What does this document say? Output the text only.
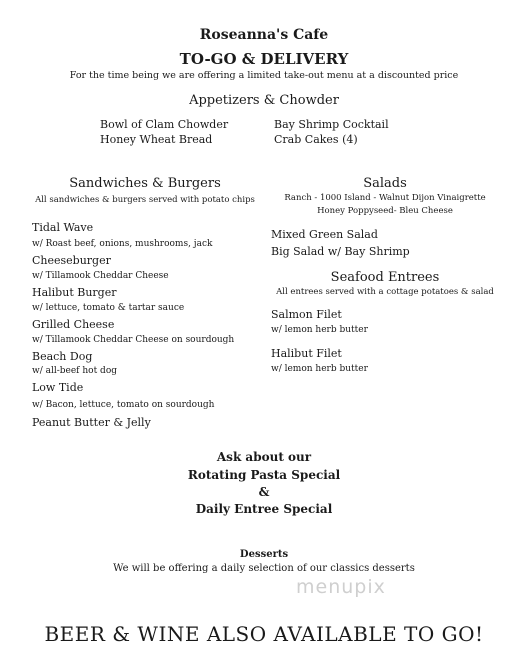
Roseanna's Cafe
TO-GO & DELIVERY
For the time being we are offering a limited take-out menu at a discounted price
Appetizers & Chowder
Bowl of Clam Chowder
Honey Wheat Bread
Bay Shrimp Cocktail
Crab Cakes (4)
Sandwiches & Burgers
All sandwiches & burgers served with potato chips
Tidal Wave
w/ Roast beef, onions, mushrooms, jack
Cheeseburger
w/ Tillamook Cheddar Cheese
Halibut Burger
w/ lettuce, tomato & tartar sauce
Grilled Cheese
w/ Tillamook Cheddar Cheese on sourdough
Beach Dog
w/ all-beef hot dog
Low Tide
w/ Bacon, lettuce, tomato on sourdough
Peanut Butter & Jelly
Salads
Ranch - 1000 Island - Walnut Dijon Vinaigrette
Honey Poppyseed- Bleu Cheese
Mixed Green Salad
Big Salad w/ Bay Shrimp
Seafood Entrees
All entrees served with a cottage potatoes & salad
Salmon Filet
w/ lemon herb butter
Halibut Filet
w/ lemon herb butter
Ask about our
Rotating Pasta Special
&
Daily Entree Special
Desserts
We will be offering a daily selection of our classics desserts
menupix
BEER & WINE ALSO AVAILABLE TO GO!
